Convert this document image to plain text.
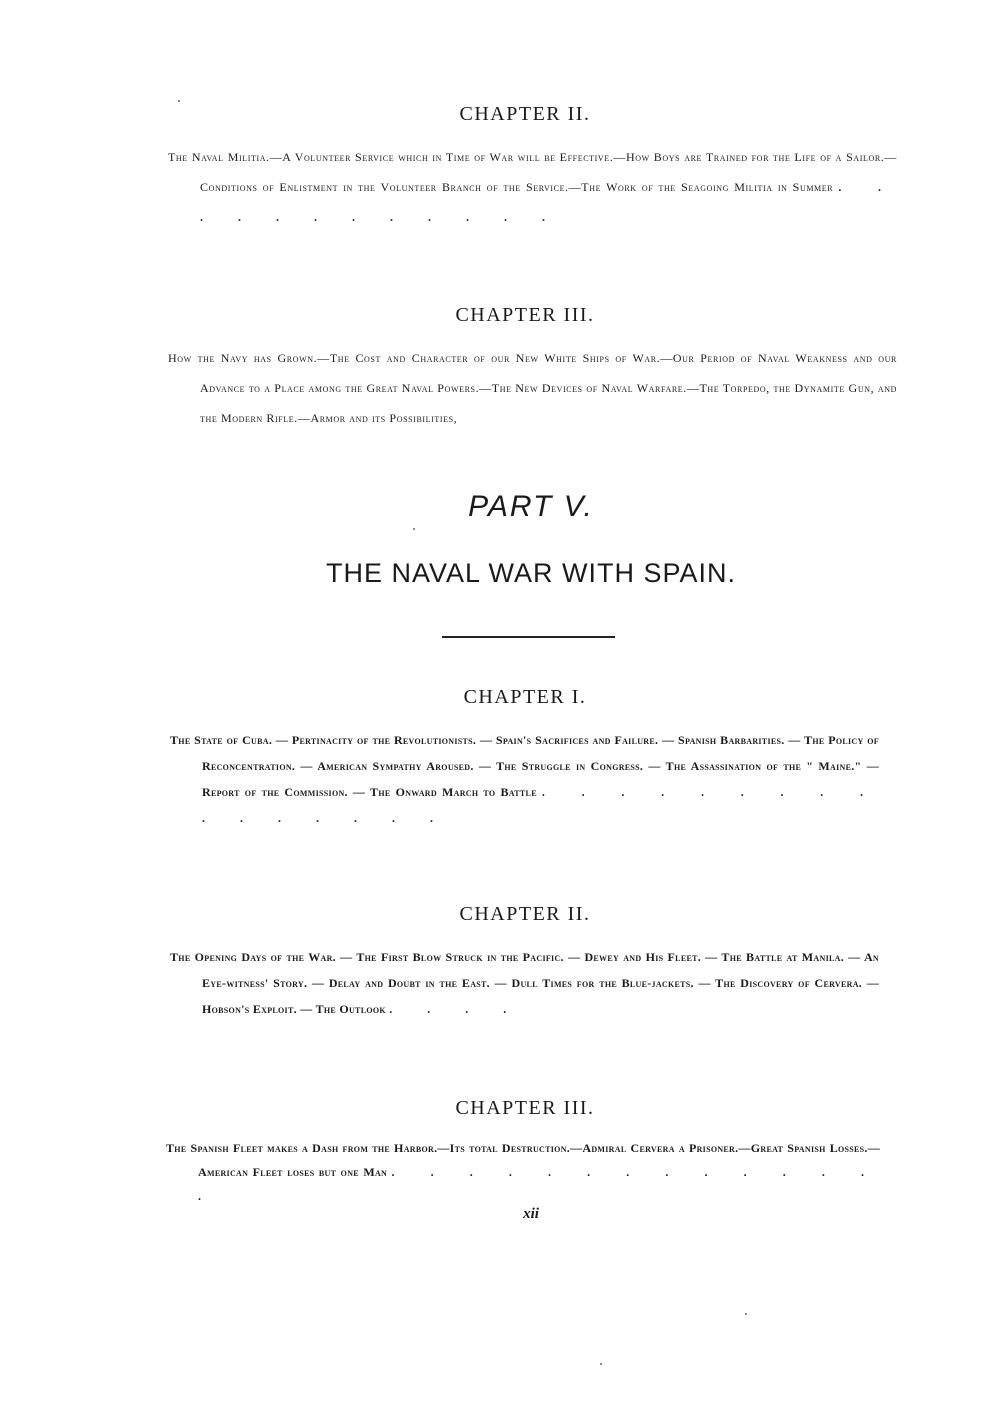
CHAPTER II.

The Naval Militia.—A Volunteer Service which in Time of War will be Effective.—How Boys are Trained for the Life of a Sailor.—Conditions of Enlistment in the Volunteer Branch of the Service.—The Work of the Seagoing Militia in Summer . . . . . . . . . . . .

CHAPTER III.

How the Navy has Grown.—The Cost and Character of our New White Ships of War.—Our Period of Naval Weakness and our Advance to a Place among the Great Naval Powers.—The New Devices of Naval Warfare.—The Torpedo, the Dynamite Gun, and the Modern Rifle.—Armor and its Possibilities,

PART V.
THE NAVAL WAR WITH SPAIN.
CHAPTER I.

The State of Cuba. — Pertinacity of the Revolutionists. — Spain's Sacrifices and Failure. — Spanish Barbarities. — The Policy of Reconcentration. — American Sympathy Aroused. — The Struggle in Congress. — The Assassination of the " Maine." — Report of the Commission. — The Onward March to Battle . . . . . . . . . . . . . . . .

CHAPTER II.

The Opening Days of the War. — The First Blow Struck in the Pacific. — Dewey and His Fleet. — The Battle at Manila. — An Eye-witness' Story. — Delay and Doubt in the East. — Dull Times for the Blue-jackets. — The Discovery of Cervera. — Hobson's Exploit. — The Outlook . . . .

CHAPTER III.

The Spanish Fleet makes a Dash from the Harbor.—Its total Destruction.—Admiral Cervera a Prisoner.—Great Spanish Losses.—American Fleet loses but one Man . . . . . . . . . . . . . .

xii
